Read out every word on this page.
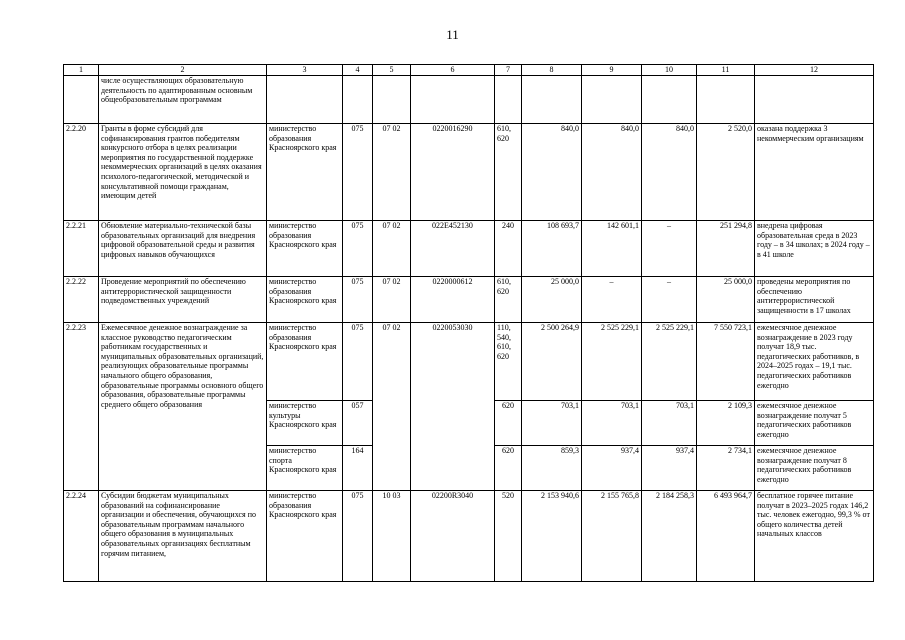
11
1	2	3	4	5	6	7	8	9	10	11	12
	числе осуществляющих образовательную деятельность по адаптированным основным общеобразовательным программам										
2.2.20	Гранты в форме субсидий для софинансирования грантов победителям конкурсного отбора в целях реализации мероприятия по государственной поддержке некоммерческих организаций в целях оказания психолого-педагогической, методической и консультативной помощи гражданам, имеющим детей	министерство образования Красноярского края	075	07 02	0220016290	610, 620	840,0	840,0	840,0	2 520,0	оказана поддержка 3 некоммерческим организациям
2.2.21	Обновление материально-технической базы образовательных организаций для внедрения цифровой образовательной среды и развития цифровых навыков обучающихся	министерство образования Красноярского края	075	07 02	022Е452130	240	108 693,7	142 601,1	–	251 294,8	внедрена цифровая образовательная среда в 2023 году – в 34 школах; в 2024 году – в 41 школе
2.2.22	Проведение мероприятий по обеспечению антитеррористической защищенности подведомственных учреждений	министерство образования Красноярского края	075	07 02	0220000612	610, 620	25 000,0	–	–	25 000,0	проведены мероприятия по обеспечению антитеррористической защищенности в 17 школах
2.2.23	Ежемесячное денежное вознаграждение за классное руководство педагогическим работникам государственных и муниципальных образовательных организаций, реализующих образовательные программы начального общего образования, образовательные программы основного общего образования, образовательные программы среднего общего образования	министерство образования Красноярского края	075	07 02	0220053030	110, 540, 610, 620	2 500 264,9	2 525 229,1	2 525 229,1	7 550 723,1	ежемесячное денежное вознаграждение в 2023 году получат 18,9 тыс. педагогических работников, в 2024–2025 годах – 19,1 тыс. педагогических работников ежегодно
		министерство культуры Красноярского края	057			620	703,1	703,1	703,1	2 109,3	ежемесячное денежное вознаграждение получат 5 педагогических работников ежегодно
		министерство спорта Красноярского края	164			620	859,3	937,4	937,4	2 734,1	ежемесячное денежное вознаграждение получат 8 педагогических работников ежегодно
2.2.24	Субсидии бюджетам муниципальных образований на софинансирование организации и обеспечения, обучающихся по образовательным программам начального общего образования в муниципальных образовательных организациях бесплатным горячим питанием,	министерство образования Красноярского края	075	10 03	02200R3040	520	2 153 940,6	2 155 765,8	2 184 258,3	6 493 964,7	бесплатное горячее питание получат в 2023–2025 годах 146,2 тыс. человек ежегодно, 99,3 % от общего количества детей начальных классов
